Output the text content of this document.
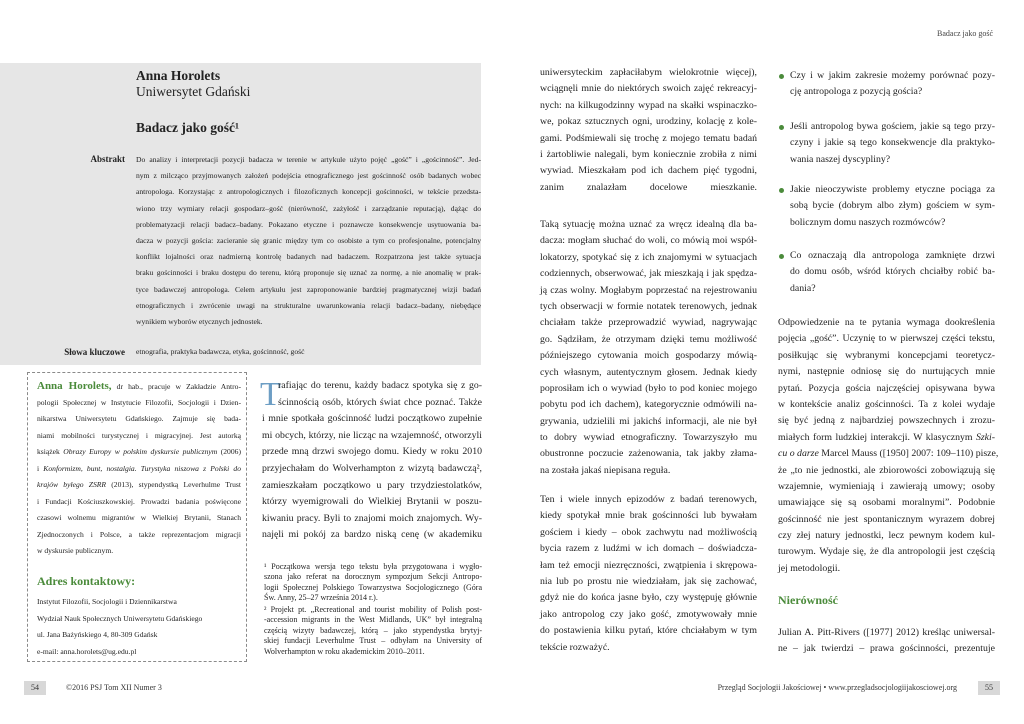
Badacz jako gość
Anna Horolets
Uniwersytet Gdański
Badacz jako gość¹
Abstrakt Do analizy i interpretacji pozycji badacza w terenie w artykule użyto pojęć „gość” i „gościnność”. Jed-
nym z milcząco przyjmowanych założeń podejścia etnograficznego jest gościnność osób badanych wobec
antropologa. Korzystając z antropologicznych i filozoficznych koncepcji gościnności, w tekście przedsta-
wiono trzy wymiary relacji gospodarz–gość (nierówność, zażyłość i zarządzanie reputacją), dążąc do
problematyzacji relacji badacz–badany. Pokazano etyczne i poznawcze konsekwencje usytuowania ba-
dacza w pozycji gościa: zacieranie się granic między tym co osobiste a tym co profesjonalne, potencjalny
konflikt lojalności oraz nadmierną kontrolę badanych nad badaczem. Rozpatrzona jest także sytuacja
braku gościnności i braku dostępu do terenu, którą proponuje się uznać za normę, a nie anomalię w prak-
tyce badawczej antropologa. Celem artykułu jest zaproponowanie bardziej pragmatycznej wizji badań
etnograficznych i zwrócenie uwagi na strukturalne uwarunkowania relacji badacz–badany, niebędące
wynikiem wyborów etycznych jednostek.
Słowa kluczowe etnografia, praktyka badawcza, etyka, gościnność, gość
Anna Horolets, dr hab., pracuje w Zakładzie Antro-
pologii Społecznej w Instytucie Filozofii, Socjologii i Dzien-
nikarstwa Uniwersytetu Gdańskiego. Zajmuje się bada-
niami mobilności turystycznej i migracyjnej. Jest autorką
książek Obrazy Europy w polskim dyskursie publicznym (2006)
i Konformizm, bunt, nostalgia. Turystyka niszowa z Polski do
krajów byłego ZSRR (2013), stypendystką Leverhulme Trust
i Fundacji Kościuszkowskiej. Prowadzi badania poświęcone
czasowi wolnemu migrantów w Wielkiej Brytanii, Stanach
Zjednoczonych i Polsce, a także reprezentacjom migracji
w dyskursie publicznym.
Adres kontaktowy:
Instytut Filozofii, Socjologii i Dziennikarstwa
Wydział Nauk Społecznych Uniwersytetu Gdańskiego
ul. Jana Bażyńskiego 4, 80-309 Gdańsk
e-mail: anna.horolets@ug.edu.pl
T
rafiając do terenu, każdy badacz spotyka się z go-
ścinnością osób, których świat chce poznać. Także
i mnie spotkała gościnność ludzi początkowo zupełnie
mi obcych, którzy, nie licząc na wzajemność, otworzyli
przede mną drzwi swojego domu. Kiedy w roku 2010
przyjechałam do Wolverhampton z wizytą badawczą²,
zamieszkałam początkowo u pary trzydziestolatków,
którzy wyemigrowali do Wielkiej Brytanii w poszu-
kiwaniu pracy. Byli to znajomi moich znajomych. Wy-
najęli mi pokój za bardzo niską cenę (w akademiku
¹ Początkowa wersja tego tekstu była przygotowana i wygło-
szona jako referat na dorocznym sympozjum Sekcji Antropo-
logii Społecznej Polskiego Towarzystwa Socjologicznego (Góra
Św. Anny, 25–27 września 2014 r.).
² Projekt pt. „Recreational and tourist mobility of Polish post-
-accession migrants in the West Midlands, UK” był integralną
częścią wizyty badawczej, którą – jako stypendystka brytyj-
skiej fundacji Leverhulme Trust – odbyłam na University of
Wolverhampton w roku akademickim 2010–2011.
54	©2016 PSJ Tom XII Numer 3
uniwersyteckim zapłaciłabym wielokrotnie więcej),
wciągnęli mnie do niektórych swoich zajęć rekreacyj-
nych: na kilkugodzinny wypad na skałki wspinaczko-
we, pokaz sztucznych ogni, urodziny, kolację z kole-
gami. Podśmiewali się trochę z mojego tematu badań
i żartobliwie nalegali, bym koniecznie zrobiła z nimi
wywiad. Mieszkałam pod ich dachem pięć tygodni,
zanim znalazłam docelowe mieszkanie.
Taką sytuację można uznać za wręcz idealną dla ba-
dacza: mogłam słuchać do woli, co mówią moi współ-
lokatorzy, spotykać się z ich znajomymi w sytuacjach
codziennych, obserwować, jak mieszkają i jak spędza-
ją czas wolny. Mogłabym poprzestać na rejestrowaniu
tych obserwacji w formie notatek terenowych, jednak
chciałam także przeprowadzić wywiad, nagrywając
go. Sądziłam, że otrzymam dzięki temu możliwość
późniejszego cytowania moich gospodarzy mówią-
cych własnym, autentycznym głosem. Jednak kiedy
poprosiłam ich o wywiad (było to pod koniec mojego
pobytu pod ich dachem), kategorycznie odmówili na-
grywania, udzielili mi jakichś informacji, ale nie był
to dobry wywiad etnograficzny. Towarzyszyło mu
obustronne poczucie zażenowania, tak jakby złama-
na została jakaś niepisana reguła.
Ten i wiele innych epizodów z badań terenowych,
kiedy spotykał mnie brak gościnności lub bywałam
gościem i kiedy – obok zachwytu nad możliwością
bycia razem z ludźmi w ich domach – doświadcza-
łam też emocji niezręczności, zwątpienia i skrępowa-
nia lub po prostu nie wiedziałam, jak się zachować,
gdyż nie do końca jasne było, czy występuję głównie
jako antropolog czy jako gość, zmotywowały mnie
do postawienia kilku pytań, które chciałabym w tym
tekście rozważyć.
Czy i w jakim zakresie możemy porównać pozy-
cję antropologa z pozycją gościa?
Jeśli antropolog bywa gościem, jakie są tego przy-
czyny i jakie są tego konsekwencje dla praktyko-
wania naszej dyscypliny?
Jakie nieoczywiste problemy etyczne pociąga za
sobą bycie (dobrym albo złym) gościem w sym-
bolicznym domu naszych rozmówców?
Co oznaczają dla antropologa zamknięte drzwi
do domu osób, wśród których chciałby robić ba-
dania?
Odpowiedzenie na te pytania wymaga dookreślenia
pojęcia „gość”. Uczynię to w pierwszej części tekstu,
posiłkując się wybranymi koncepcjami teoretycz-
nymi, następnie odniosę się do nurtujących mnie
pytań. Pozycja gościa najczęściej opisywana bywa
w kontekście analiz gościnności. Ta z kolei wydaje
się być jedną z najbardziej powszechnych i zrozu-
miałych form ludzkiej interakcji. W klasycznym Szki-
cu o darze Marcel Mauss ([1950] 2007: 109–110) pisze,
że „to nie jednostki, ale zbiorowości zobowiązują się
wzajemnie, wymieniają i zawierają umowy; osoby
umawiające się są osobami moralnymi”. Podobnie
gościnność nie jest spontanicznym wyrazem dobrej
czy złej natury jednostki, lecz pewnym kodem kul-
turowym. Wydaje się, że dla antropologii jest częścią
jej metodologii.
Nierówność
Julian A. Pitt-Rivers ([1977] 2012) kreśląc uniwersal-
ne – jak twierdzi – prawa gościnności, prezentuje
Przegląd Socjologii Jakościowej • www.przegladsocjologiijakosciowej.org	55
